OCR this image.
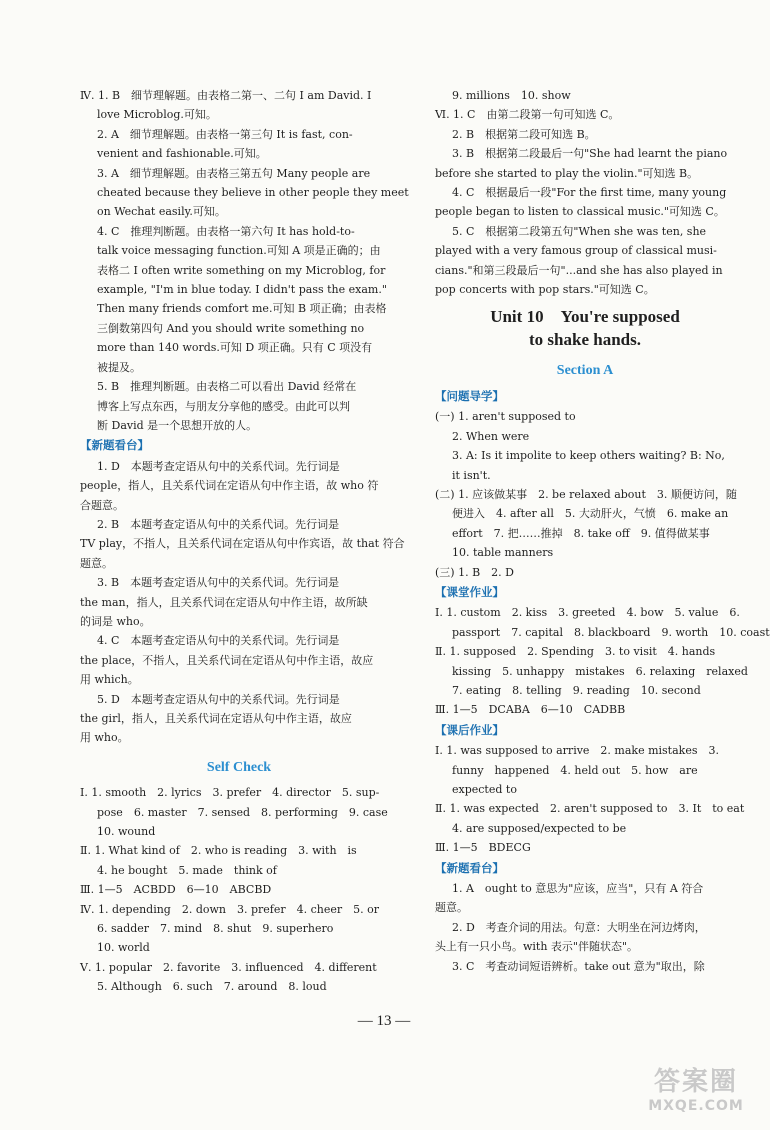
Ⅳ. 1. B　细节理解题。由表格二第一、二句 I am David. I

love Microblog.可知。

2. A　细节理解题。由表格一第三句 It is fast, con-

venient and fashionable.可知。

3. A　细节理解题。由表格三第五句 Many people are

cheated because they believe in other people they meet

on Wechat easily.可知。

4. C　推理判断题。由表格一第六句 It has hold-to-

talk voice messaging function.可知 A 项是正确的；由

表格二 I often write something on my Microblog, for

example, "I'm in blue today. I didn't pass the exam."

Then many friends comfort me.可知 B 项正确；由表格

三倒数第四句 And you should write something no

more than 140 words.可知 D 项正确。只有 C 项没有

被提及。

5. B　推理判断题。由表格二可以看出 David 经常在

博客上写点东西，与朋友分享他的感受。由此可以判

断 David 是一个思想开放的人。

【新题看台】

1. D　本题考查定语从句中的关系代词。先行词是

people，指人，且关系代词在定语从句中作主语，故 who 符

合题意。

2. B　本题考查定语从句中的关系代词。先行词是

TV play，不指人，且关系代词在定语从句中作宾语，故 that 符合

题意。

3. B　本题考查定语从句中的关系代词。先行词是

the man，指人，且关系代词在定语从句中作主语，故所缺

的词是 who。

4. C　本题考查定语从句中的关系代词。先行词是

the place，不指人，且关系代词在定语从句中作主语，故应

用 which。

5. D　本题考查定语从句中的关系代词。先行词是

the girl，指人，且关系代词在定语从句中作主语，故应

用 who。

Self Check

Ⅰ. 1. smooth　2. lyrics　3. prefer　4. director　5. sup-

pose　6. master　7. sensed　8. performing　9. case

10. wound

Ⅱ. 1. What kind of　2. who is reading　3. with　is

4. he bought　5. made　think of

Ⅲ. 1—5　ACBDD　6—10　ABCBD

Ⅳ. 1. depending　2. down　3. prefer　4. cheer　5. or

6. sadder　7. mind　8. shut　9. superhero

10. world

Ⅴ. 1. popular　2. favorite　3. influenced　4. different

5. Although　6. such　7. around　8. loud

9. millions　10. show

Ⅵ. 1. C　由第二段第一句可知选 C。

2. B　根据第二段可知选 B。

3. B　根据第二段最后一句"She had learnt the piano

before she started to play the violin."可知选 B。

4. C　根据最后一段"For the first time, many young

people began to listen to classical music."可知选 C。

5. C　根据第二段第五句"When she was ten, she

played with a very famous group of classical musi-

cians."和第三段最后一句"...and she has also played in

pop concerts with pop stars."可知选 C。

Unit 10　You're supposed
to shake hands.
Section A
【问题导学】

(一) 1. aren't supposed to

2. When were

3. A: Is it impolite to keep others waiting? B: No,

it isn't.

(二) 1. 应该做某事　2. be relaxed about　3. 顺便访问，随

便进入　4. after all　5. 大动肝火，气愤　6. make an

effort　7. 把……推掉　8. take off　9. 值得做某事

10. table manners

(三) 1. B　2. D

【课堂作业】

Ⅰ. 1. custom　2. kiss　3. greeted　4. bow　5. value　6.

passport　7. capital　8. blackboard　9. worth　10. coast

Ⅱ. 1. supposed　2. Spending　3. to visit　4. hands

kissing　5. unhappy　mistakes　6. relaxing　relaxed

7. eating　8. telling　9. reading　10. second

Ⅲ. 1—5　DCABA　6—10　CADBB

【课后作业】

Ⅰ. 1. was supposed to arrive　2. make mistakes　3.

funny　happened　4. held out　5. how　are

expected to

Ⅱ. 1. was expected　2. aren't supposed to　3. It　to eat

4. are supposed/expected to be

Ⅲ. 1—5　BDECG

【新题看台】

1. A　ought to 意思为"应该，应当"，只有 A 符合

题意。

2. D　考查介词的用法。句意：大明坐在河边烤肉，

头上有一只小鸟。with 表示"伴随状态"。

3. C　考查动词短语辨析。take out 意为"取出，除

— 13 —
答案圈
MXQE.COM
